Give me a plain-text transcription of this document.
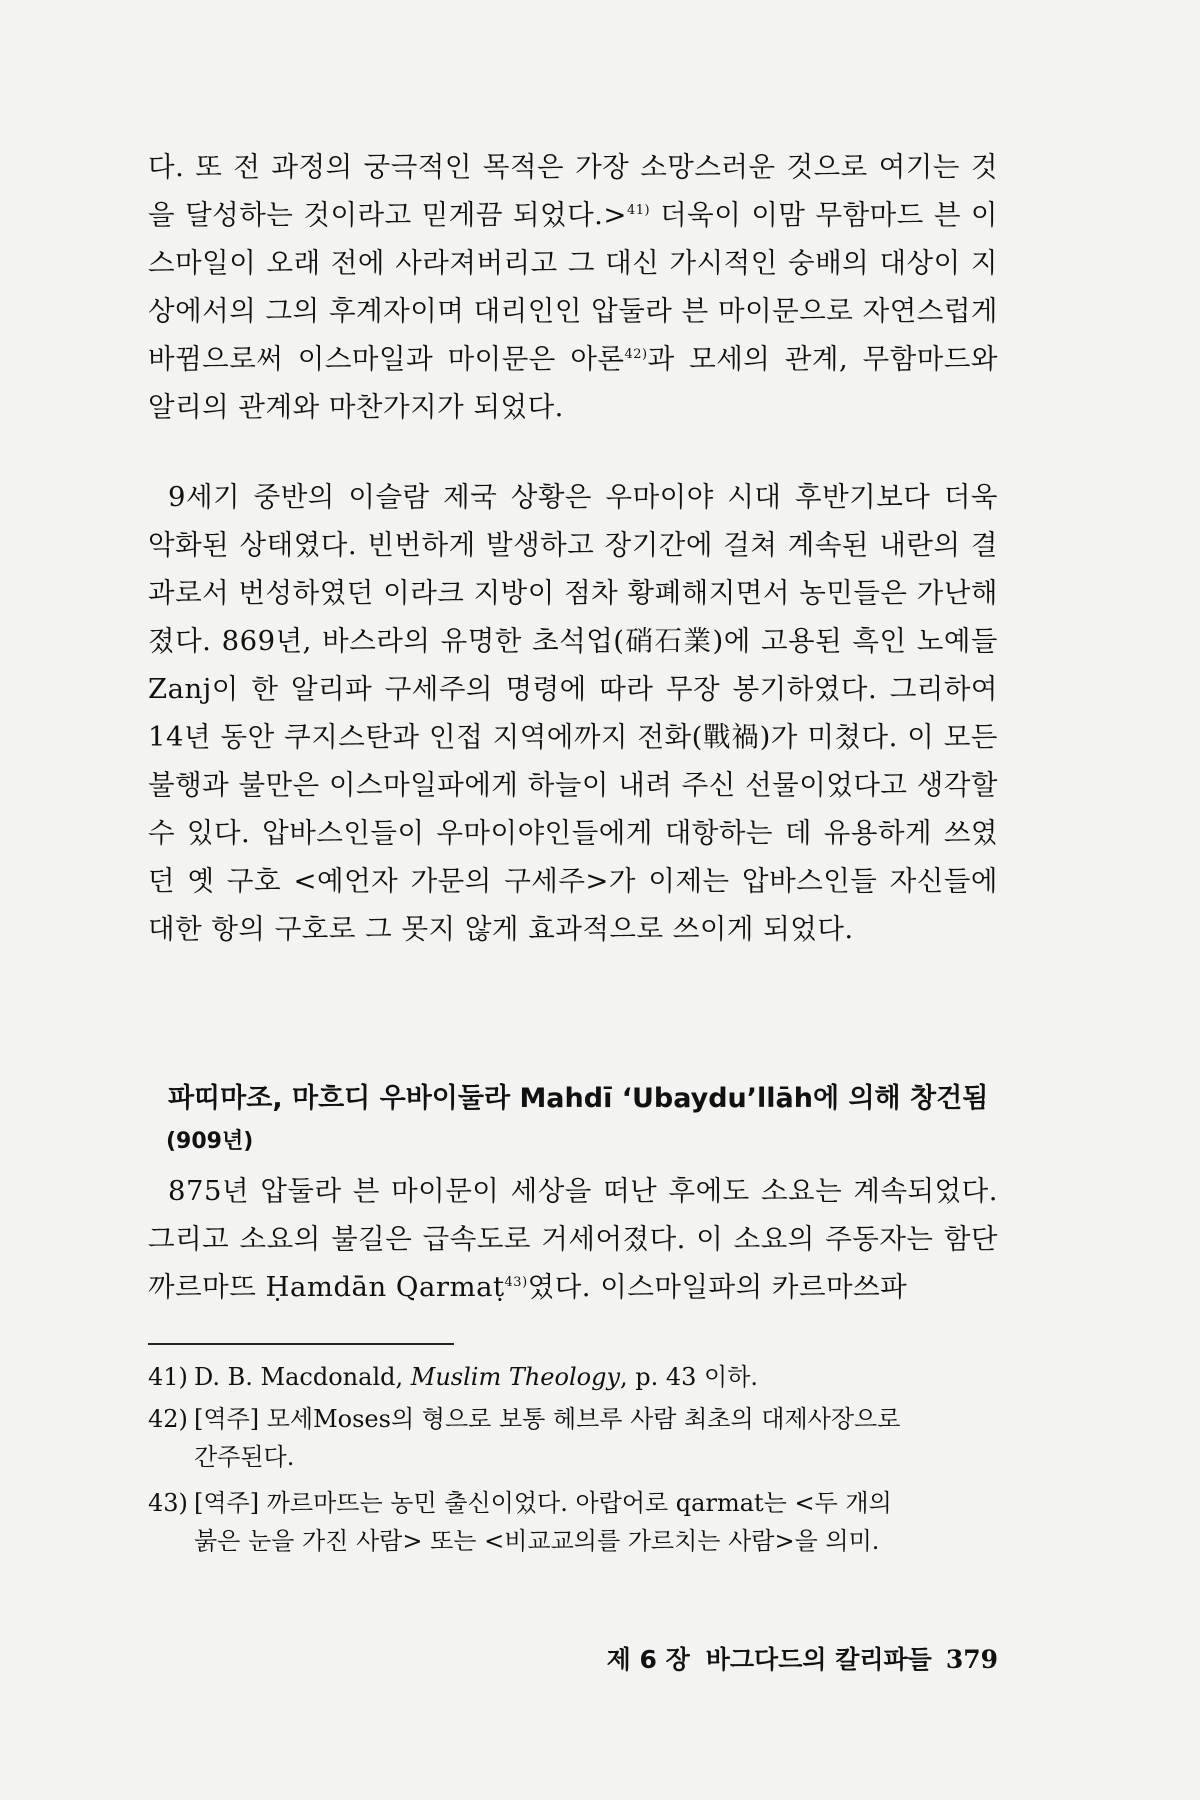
다. 또 전 과정의 궁극적인 목적은 가장 소망스러운 것으로 여기는 것을 달성하는 것이라고 믿게끔 되었다.>$^{41)}$ 더욱이 이맘 무함마드 븐 이스마일이 오래 전에 사라져버리고 그 대신 가시적인 숭배의 대상이 지상에서의 그의 후계자이며 대리인인 압둘라 븐 마이문으로 자연스럽게 바뀜으로써 이스마일과 마이문은 아론$^{42)}$과 모세의 관계, 무함마드와 알리의 관계와 마찬가지가 되었다.

9세기 중반의 이슬람 제국 상황은 우마이야 시대 후반기보다 더욱 악화된 상태였다. 빈번하게 발생하고 장기간에 걸쳐 계속된 내란의 결과로서 번성하였던 이라크 지방이 점차 황폐해지면서 농민들은 가난해졌다. 869년, 바스라의 유명한 초석업(硝石業)에 고용된 흑인 노예들 Zanj이 한 알리파 구세주의 명령에 따라 무장 봉기하였다. 그리하여 14년 동안 쿠지스탄과 인접 지역에까지 전화(戰禍)가 미쳤다. 이 모든 불행과 불만은 이스마일파에게 하늘이 내려 주신 선물이었다고 생각할 수 있다. 압바스인들이 우마이야인들에게 대항하는 데 유용하게 쓰였던 옛 구호 <예언자 가문의 구세주>가 이제는 압바스인들 자신들에 대한 항의 구호로 그 못지 않게 효과적으로 쓰이게 되었다.

파띠마조, 마흐디 우바이둘라 Mahdī ‘Ubaydu’llāh에 의해 창건됨
(909년)

875년 압둘라 븐 마이문이 세상을 떠난 후에도 소요는 계속되었다. 그리고 소요의 불길은 급속도로 거세어졌다. 이 소요의 주동자는 함단 까르마뜨 Ḥamdān Qarmaṭ$^{43)}$였다. 이스마일파의 카르마쓰파

41) D. B. Macdonald, Muslim Theology, p. 43 이하.
42) [역주] 모세Moses의 형으로 보통 헤브루 사람 최초의 대제사장으로
간주된다.
43) [역주] 까르마뜨는 농민 출신이었다. 아랍어로 qarmat는 <두 개의
붉은 눈을 가진 사람> 또는 <비교교의를 가르치는 사람>을 의미.
제 6 장 바그다드의 칼리파들 379
